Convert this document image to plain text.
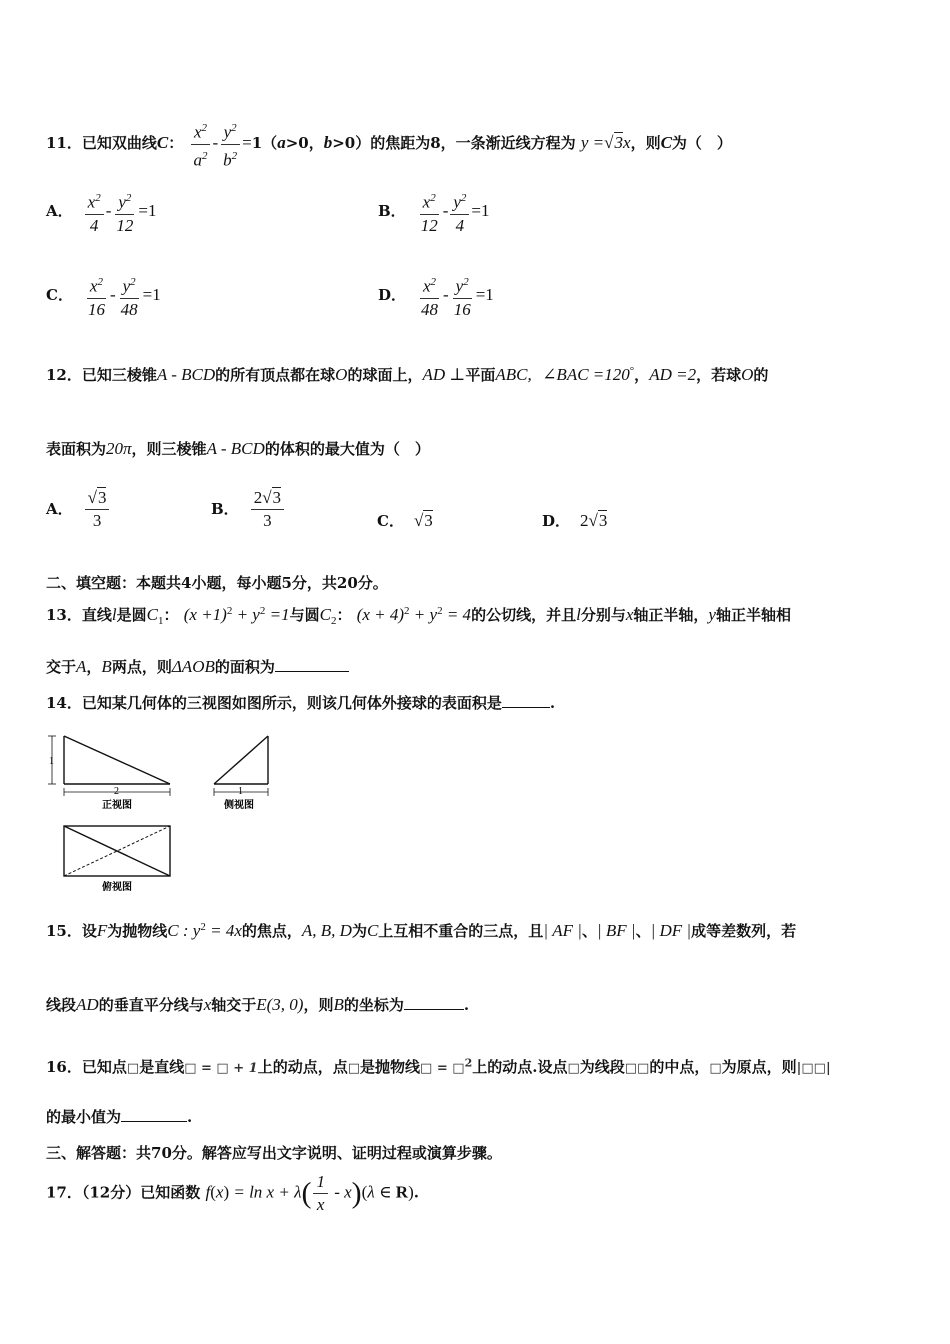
11．已知双曲线C： $\frac{x^2}{a^2} - \frac{y^2}{b^2} =1(a>0$，b>0）的焦距为8，一条渐近线方程为 y =√3x，则C为（　）
A． $\frac{x^2}{4} - \frac{y^2}{12} =1$	B． $\frac{x^2}{12} - \frac{y^2}{4} =1$
C． $\frac{x^2}{16} - \frac{y^2}{48} =1$	D． $\frac{x^2}{48} - \frac{y^2}{16} =1$
12．已知三棱锥A - BCD的所有顶点都在球O的球面上，AD ⊥平面ABC, ∠BAC =120°，AD =2，若球O的
表面积为20π，则三棱锥A - BCD的体积的最大值为（　）
A． $\frac{√3}{3}$	B． $\frac{2√3}{3}$	C． √3	D． 2√3
二、填空题：本题共4小题，每小题5分，共20分。
13．直线l是圆$C_1$： $(x +1)^2 + y^2 =1$与圆$C_2$： $(x + 4)^2 + y^2 = 4$的公切线，并且l分别与x轴正半轴，y轴正半轴相
交于A，B两点，则ΔAOB的面积为
14．已知某几何体的三视图如图所示，则该几何体外接球的表面积是	.
1
2
正视图
1
侧视图
俯视图
15．设F为抛物线C : $y^2 = 4x$的焦点，A, B, D为C上互相不重合的三点，且| AF |、| BF |、| DF |成等差数列，若
线段AD的垂直平分线与x轴交于E(3, 0)，则B的坐标为	.
16．已知点□是直线□ = □ + 1上的动点，点□是抛物线□ = □$^2$上的动点.设点□为线段□□的中点，□为原点，则|□□|
的最小值为	.
三、解答题：共70分。解答应写出文字说明、证明过程或演算步骤。
17．（12分）已知函数 $f(x) = \ln x + \lambda( \frac{1}{x} - x)(\lambda$ ∈ R).
